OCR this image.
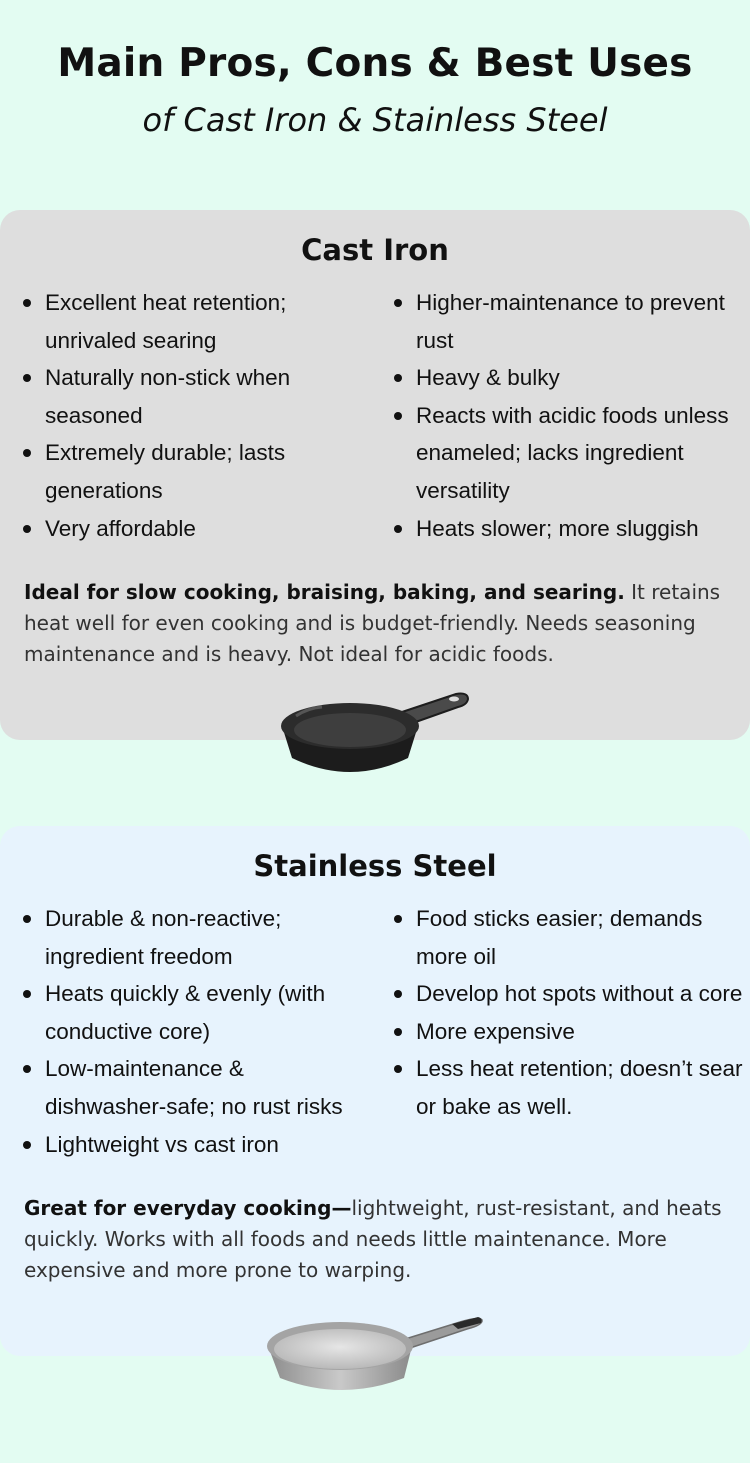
Main Pros, Cons & Best Uses
of Cast Iron & Stainless Steel
Cast Iron
Excellent heat retention; unrivaled searing
Naturally non-stick when seasoned
Extremely durable; lasts generations
Very affordable
Higher-maintenance to prevent rust
Heavy & bulky
Reacts with acidic foods unless enameled; lacks ingredient versatility
Heats slower; more sluggish

Ideal for slow cooking, braising, baking, and searing. It retains heat well for even cooking and is budget-friendly. Needs seasoning maintenance and is heavy. Not ideal for acidic foods.

Stainless Steel
Durable & non-reactive; ingredient freedom
Heats quickly & evenly (with conductive core)
Low-maintenance & dishwasher-safe; no rust risks
Lightweight vs cast iron
Food sticks easier; demands more oil
Develop hot spots without a core
More expensive
Less heat retention; doesn’t sear or bake as well.

Great for everyday cooking—lightweight, rust-resistant, and heats quickly. Works with all foods and needs little maintenance. More expensive and more prone to warping.
